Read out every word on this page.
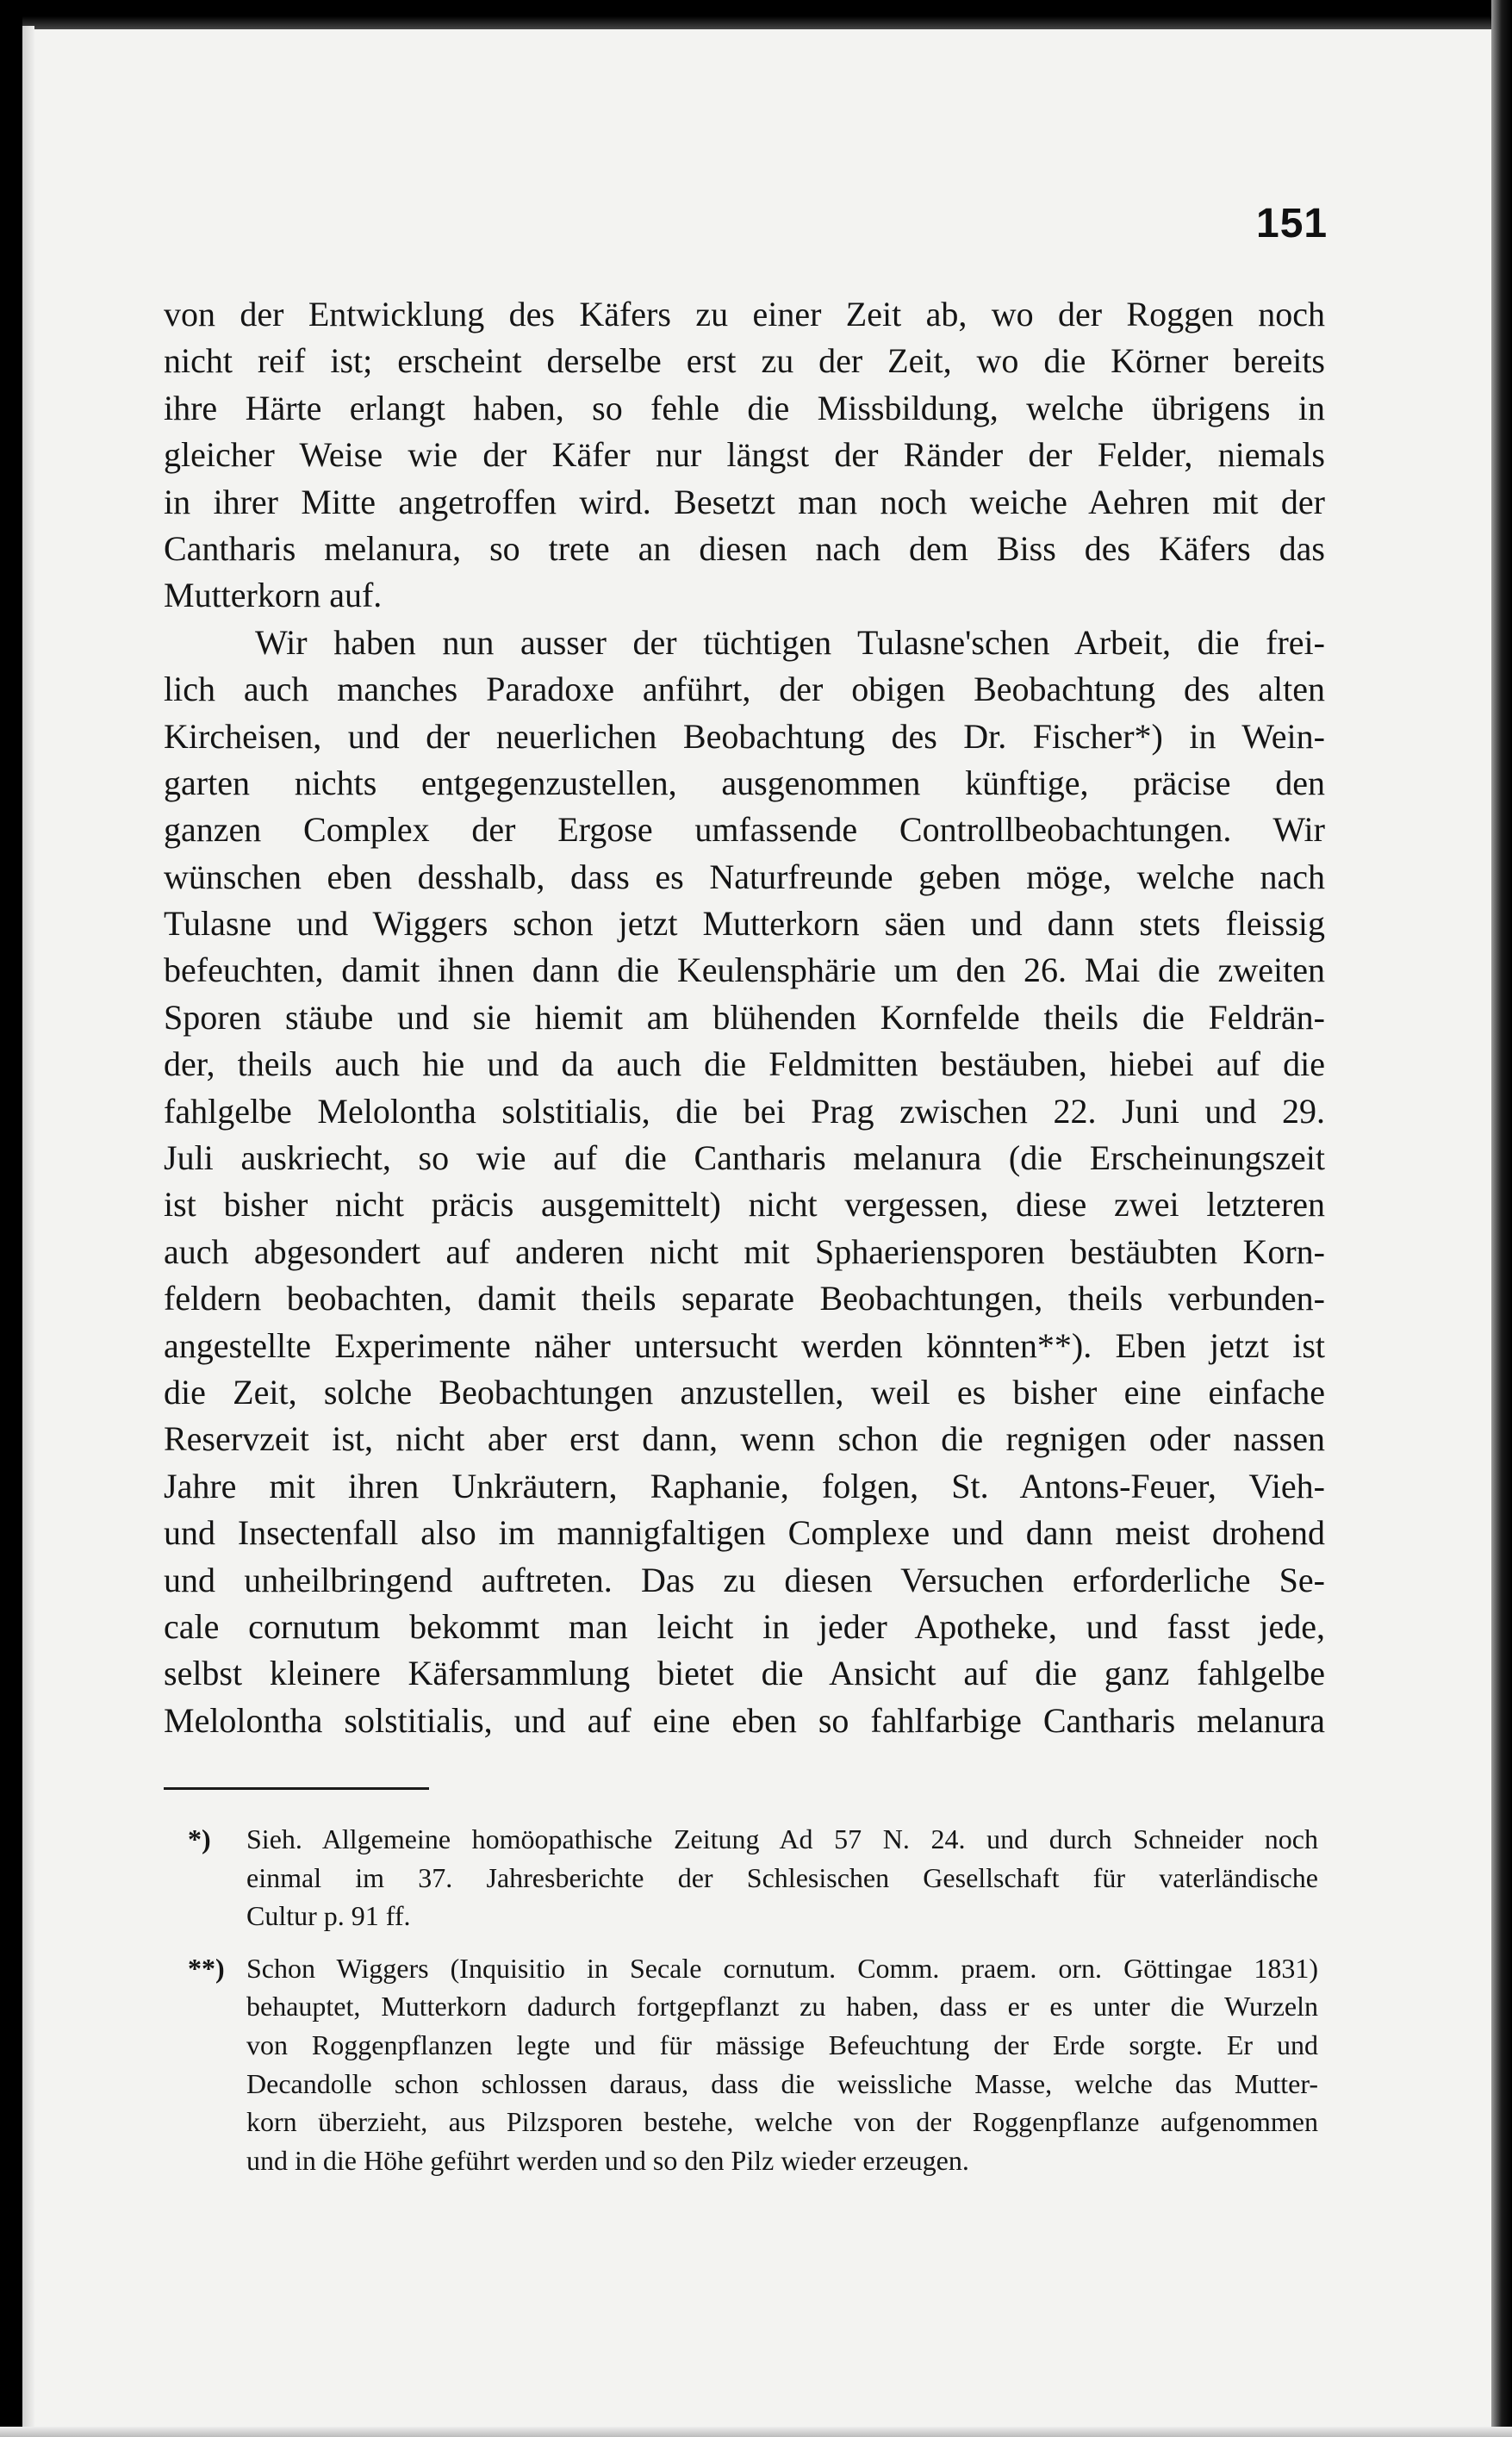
151
von der Entwicklung des Käfers zu einer Zeit ab, wo der Roggen noch
nicht reif ist; erscheint derselbe erst zu der Zeit, wo die Körner bereits
ihre Härte erlangt haben, so fehle die Missbildung, welche übrigens in
gleicher Weise wie der Käfer nur längst der Ränder der Felder, niemals
in ihrer Mitte angetroffen wird. Besetzt man noch weiche Aehren mit der
Cantharis melanura, so trete an diesen nach dem Biss des Käfers das
Mutterkorn auf.
Wir haben nun ausser der tüchtigen Tulasne'schen Arbeit, die frei-
lich auch manches Paradoxe anführt, der obigen Beobachtung des alten
Kircheisen, und der neuerlichen Beobachtung des Dr. Fischer*) in Wein-
garten nichts entgegenzustellen, ausgenommen künftige, präcise den
ganzen Complex der Ergose umfassende Controllbeobachtungen. Wir
wünschen eben desshalb, dass es Naturfreunde geben möge, welche nach
Tulasne und Wiggers schon jetzt Mutterkorn säen und dann stets fleissig
befeuchten, damit ihnen dann die Keulensphärie um den 26. Mai die zweiten
Sporen stäube und sie hiemit am blühenden Kornfelde theils die Feldrän-
der, theils auch hie und da auch die Feldmitten bestäuben, hiebei auf die
fahlgelbe Melolontha solstitialis, die bei Prag zwischen 22. Juni und 29.
Juli auskriecht, so wie auf die Cantharis melanura (die Erscheinungszeit
ist bisher nicht präcis ausgemittelt) nicht vergessen, diese zwei letzteren
auch abgesondert auf anderen nicht mit Sphaeriensporen bestäubten Korn-
feldern beobachten, damit theils separate Beobachtungen, theils verbunden-
angestellte Experimente näher untersucht werden könnten**). Eben jetzt ist
die Zeit, solche Beobachtungen anzustellen, weil es bisher eine einfache
Reservzeit ist, nicht aber erst dann, wenn schon die regnigen oder nassen
Jahre mit ihren Unkräutern, Raphanie, folgen, St. Antons-Feuer, Vieh-
und Insectenfall also im mannigfaltigen Complexe und dann meist drohend
und unheilbringend auftreten. Das zu diesen Versuchen erforderliche Se-
cale cornutum bekommt man leicht in jeder Apotheke, und fasst jede,
selbst kleinere Käfersammlung bietet die Ansicht auf die ganz fahlgelbe
Melolontha solstitialis, und auf eine eben so fahlfarbige Cantharis melanura
*) Sieh. Allgemeine homöopathische Zeitung Ad 57 N. 24. und durch Schneider noch
einmal im 37. Jahresberichte der Schlesischen Gesellschaft für vaterländische
Cultur p. 91 ff.
**) Schon Wiggers (Inquisitio in Secale cornutum. Comm. praem. orn. Göttingae 1831)
behauptet, Mutterkorn dadurch fortgepflanzt zu haben, dass er es unter die Wurzeln
von Roggenpflanzen legte und für mässige Befeuchtung der Erde sorgte. Er und
Decandolle schon schlossen daraus, dass die weissliche Masse, welche das Mutter-
korn überzieht, aus Pilzsporen bestehe, welche von der Roggenpflanze aufgenommen
und in die Höhe geführt werden und so den Pilz wieder erzeugen.
